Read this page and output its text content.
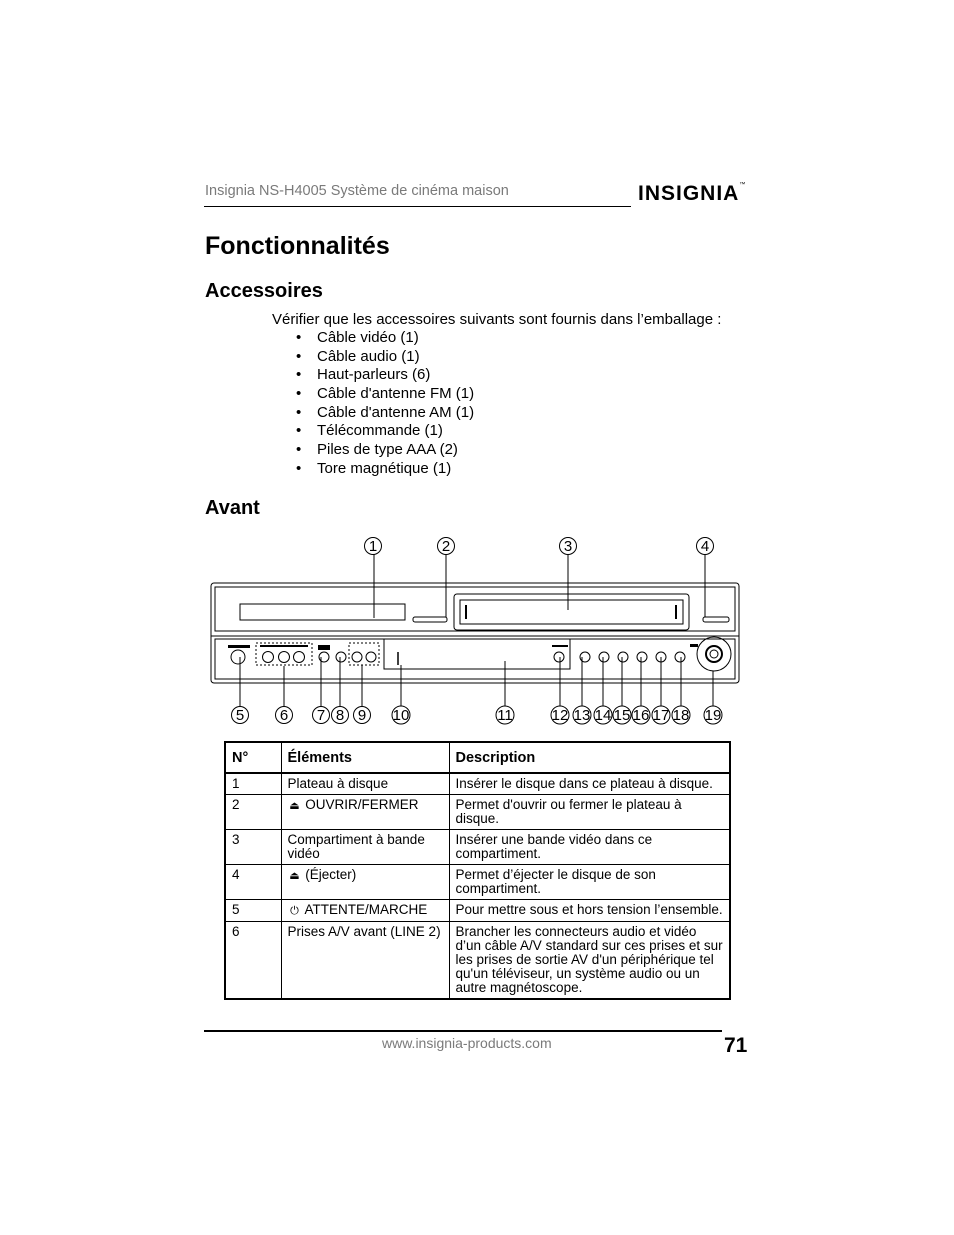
Insignia NS-H4005 Système de cinéma maison	INSIGNIA™
Fonctionnalités
Accessoires
Vérifier que les accessoires suivants sont fournis dans l’emballage :
• Câble vidéo (1)
• Câble audio (1)
• Haut-parleurs (6)
• Câble d'antenne FM (1)
• Câble d'antenne AM (1)
• Télécommande (1)
• Piles de type AAA (2)
• Tore magnétique (1)
Avant
1	2	3	4
5 6 7 8 9 10	11	12 13 14 15 16 17 18 19
N°	Éléments	Description
1	Plateau à disque	Insérer le disque dans ce plateau à disque.
2	⏏ OUVRIR/FERMER	Permet d'ouvrir ou fermer le plateau à disque.
3	Compartiment à bande vidéo	Insérer une bande vidéo dans ce compartiment.
4	⏏ (Éjecter)	Permet d’éjecter le disque de son compartiment.
5	⏻ ATTENTE/MARCHE	Pour mettre sous et hors tension l’ensemble.
6	Prises A/V avant (LINE 2)	Brancher les connecteurs audio et vidéo d’un câble A/V standard sur ces prises et sur les prises de sortie AV d'un périphérique tel qu'un téléviseur, un système audio ou un autre magnétoscope.
www.insignia-products.com	71
